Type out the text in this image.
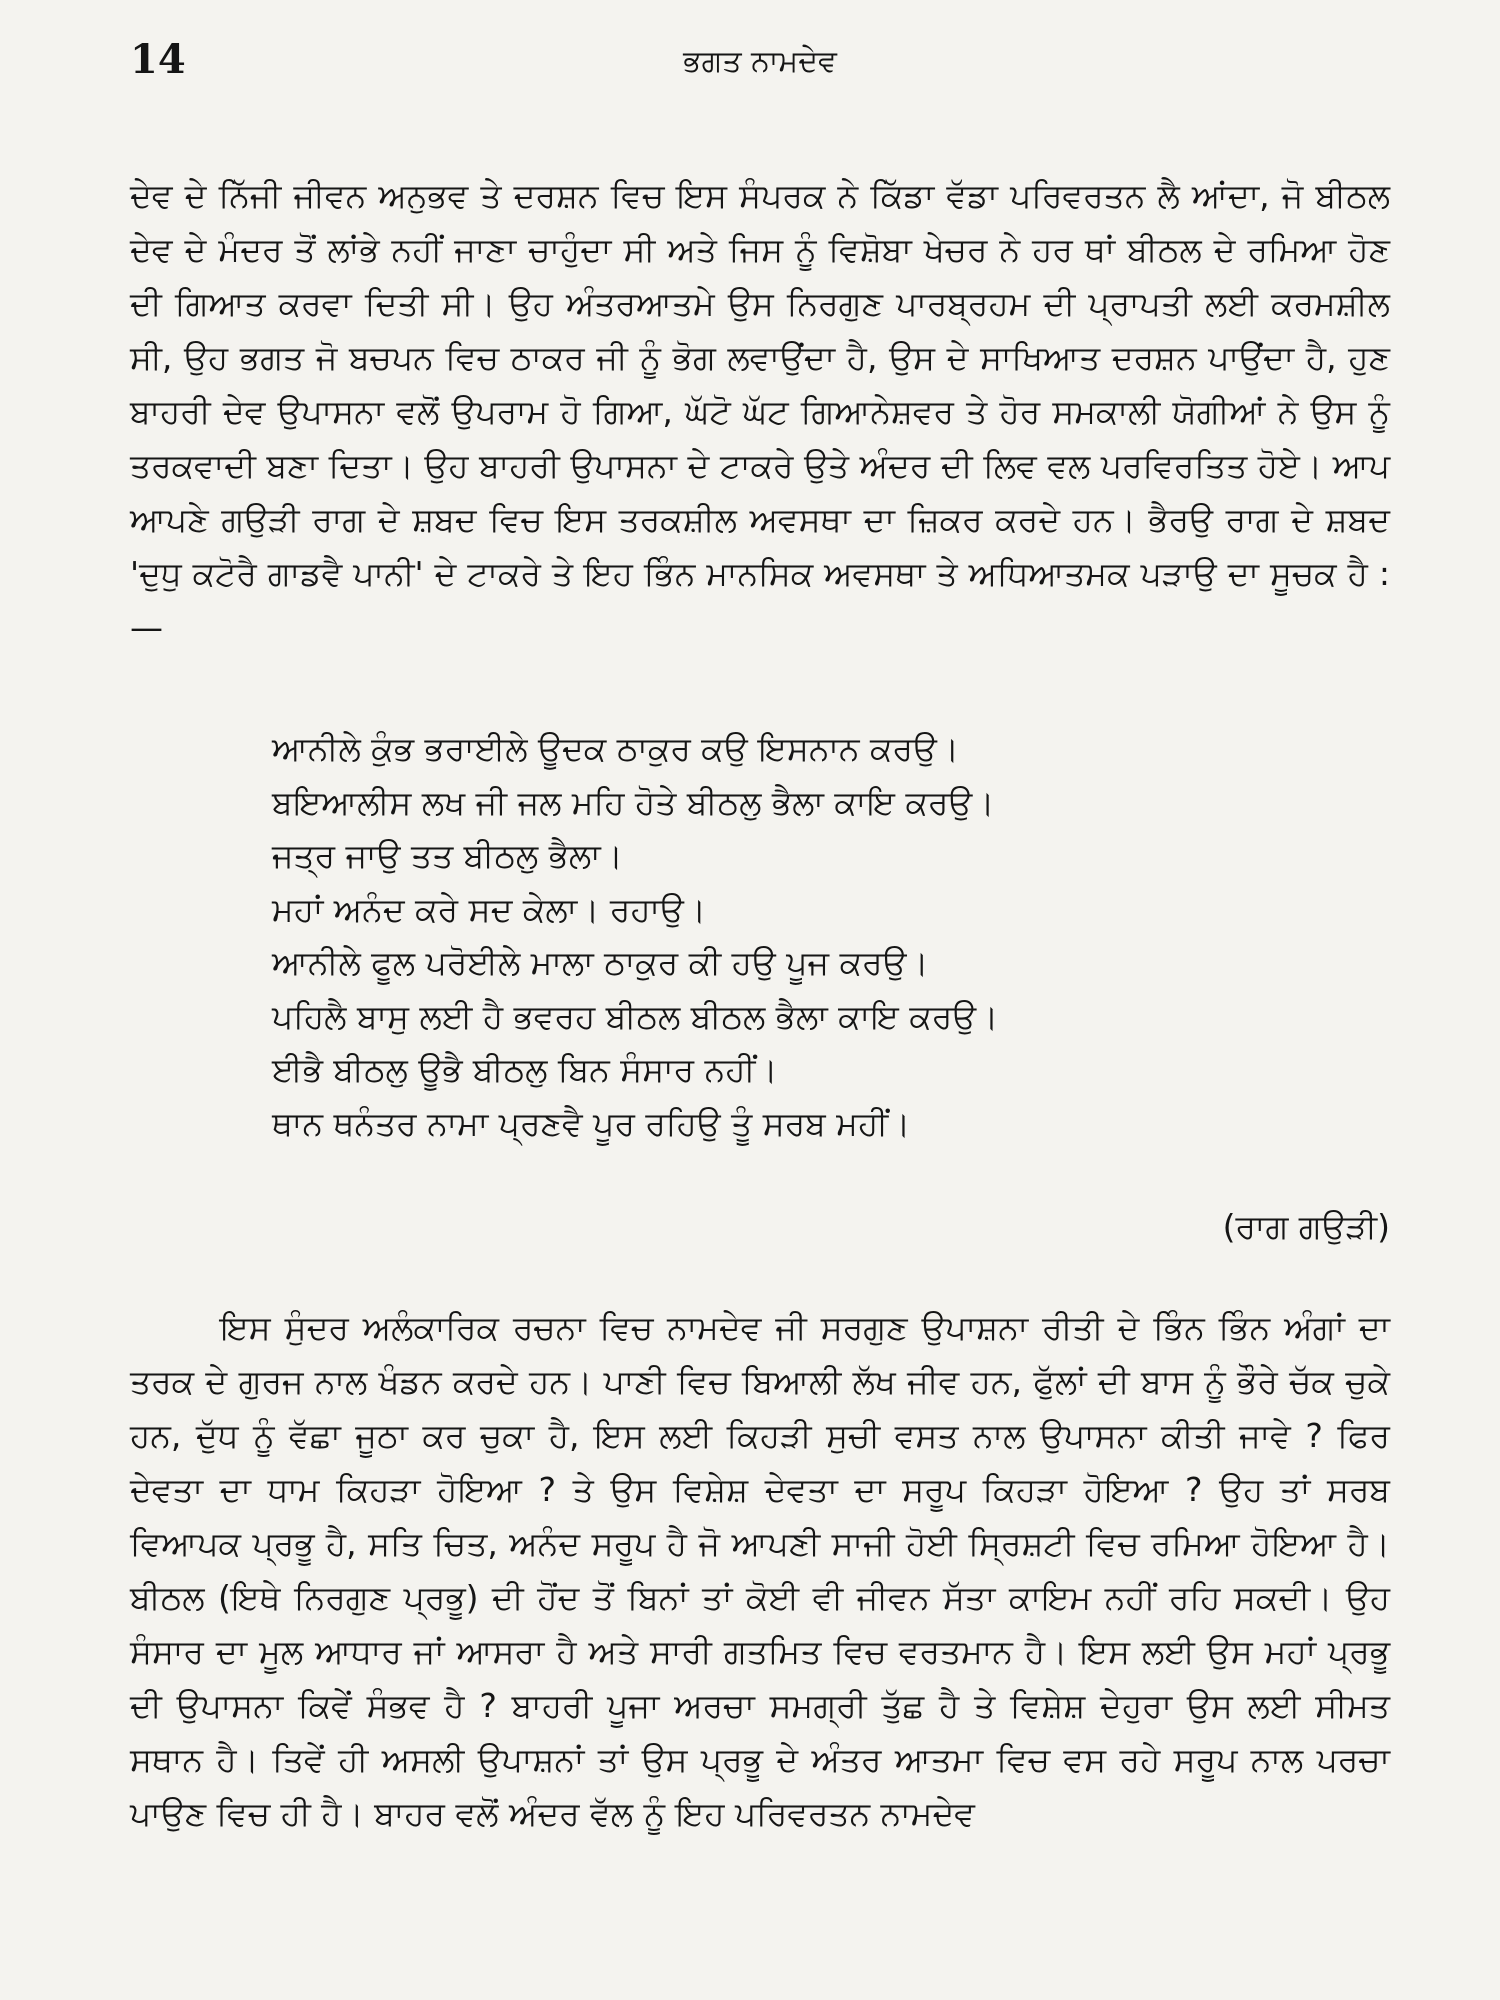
14	ਭਗਤ ਨਾਮਦੇਵ

ਦੇਵ ਦੇ ਨਿੱਜੀ ਜੀਵਨ ਅਨੁਭਵ ਤੇ ਦਰਸ਼ਨ ਵਿਚ ਇਸ ਸੰਪਰਕ ਨੇ ਕਿੱਡਾ ਵੱਡਾ ਪਰਿਵਰਤਨ ਲੈ ਆਂਦਾ, ਜੋ ਬੀਠਲ ਦੇਵ ਦੇ ਮੰਦਰ ਤੋਂ ਲਾਂਭੇ ਨਹੀਂ ਜਾਣਾ ਚਾਹੁੰਦਾ ਸੀ ਅਤੇ ਜਿਸ ਨੂੰ ਵਿਸ਼ੋਬਾ ਖੇਚਰ ਨੇ ਹਰ ਥਾਂ ਬੀਠਲ ਦੇ ਰਮਿਆ ਹੋਣ ਦੀ ਗਿਆਤ ਕਰਵਾ ਦਿਤੀ ਸੀ। ਉਹ ਅੰਤਰਆਤਮੇ ਉਸ ਨਿਰਗੁਣ ਪਾਰਬ੍ਰਹਮ ਦੀ ਪ੍ਰਾਪਤੀ ਲਈ ਕਰਮਸ਼ੀਲ ਸੀ, ਉਹ ਭਗਤ ਜੋ ਬਚਪਨ ਵਿਚ ਠਾਕਰ ਜੀ ਨੂੰ ਭੋਗ ਲਵਾਉਂਦਾ ਹੈ, ਉਸ ਦੇ ਸਾਖਿਆਤ ਦਰਸ਼ਨ ਪਾਉਂਦਾ ਹੈ, ਹੁਣ ਬਾਹਰੀ ਦੇਵ ਉਪਾਸਨਾ ਵਲੋਂ ਉਪਰਾਮ ਹੋ ਗਿਆ, ਘੱਟੋ ਘੱਟ ਗਿਆਨੇਸ਼ਵਰ ਤੇ ਹੋਰ ਸਮਕਾਲੀ ਯੋਗੀਆਂ ਨੇ ਉਸ ਨੂੰ ਤਰਕਵਾਦੀ ਬਣਾ ਦਿਤਾ। ਉਹ ਬਾਹਰੀ ਉਪਾਸਨਾ ਦੇ ਟਾਕਰੇ ਉਤੇ ਅੰਦਰ ਦੀ ਲਿਵ ਵਲ ਪਰਵਿਰਤਿਤ ਹੋਏ। ਆਪ ਆਪਣੇ ਗਉੜੀ ਰਾਗ ਦੇ ਸ਼ਬਦ ਵਿਚ ਇਸ ਤਰਕਸ਼ੀਲ ਅਵਸਥਾ ਦਾ ਜ਼ਿਕਰ ਕਰਦੇ ਹਨ। ਭੈਰਉ ਰਾਗ ਦੇ ਸ਼ਬਦ 'ਦੁਧੁ ਕਟੋਰੈ ਗਾਡਵੈ ਪਾਨੀ' ਦੇ ਟਾਕਰੇ ਤੇ ਇਹ ਭਿੰਨ ਮਾਨਸਿਕ ਅਵਸਥਾ ਤੇ ਅਧਿਆਤਮਕ ਪੜਾਉ ਦਾ ਸੂਚਕ ਹੈ :—

ਆਨੀਲੇ ਕੁੰਭ ਭਰਾਈਲੇ ਊਦਕ ਠਾਕੁਰ ਕਉ ਇਸਨਾਨ ਕਰਉ।
ਬਇਆਲੀਸ ਲਖ ਜੀ ਜਲ ਮਹਿ ਹੋਤੇ ਬੀਠਲੁ ਭੈਲਾ ਕਾਇ ਕਰਉ।
ਜਤ੍ਰ ਜਾਉ ਤਤ ਬੀਠਲੁ ਭੈਲਾ।
ਮਹਾਂ ਅਨੰਦ ਕਰੇ ਸਦ ਕੇਲਾ। ਰਹਾਉ।
ਆਨੀਲੇ ਫੂਲ ਪਰੋਈਲੇ ਮਾਲਾ ਠਾਕੁਰ ਕੀ ਹਉ ਪੂਜ ਕਰਉ।
ਪਹਿਲੈ ਬਾਸੁ ਲਈ ਹੈ ਭਵਰਹ ਬੀਠਲ ਬੀਠਲ ਭੈਲਾ ਕਾਇ ਕਰਉ।
ਈਭੈ ਬੀਠਲੁ ਊਭੈ ਬੀਠਲੁ ਬਿਨ ਸੰਸਾਰ ਨਹੀਂ।
ਥਾਨ ਥਨੰਤਰ ਨਾਮਾ ਪ੍ਰਣਵੈ ਪੂਰ ਰਹਿਉ ਤੂੰ ਸਰਬ ਮਹੀਂ।
(ਰਾਗ ਗਉੜੀ)

ਇਸ ਸੁੰਦਰ ਅਲੰਕਾਰਿਕ ਰਚਨਾ ਵਿਚ ਨਾਮਦੇਵ ਜੀ ਸਰਗੁਣ ਉਪਾਸ਼ਨਾ ਰੀਤੀ ਦੇ ਭਿੰਨ ਭਿੰਨ ਅੰਗਾਂ ਦਾ ਤਰਕ ਦੇ ਗੁਰਜ ਨਾਲ ਖੰਡਨ ਕਰਦੇ ਹਨ। ਪਾਣੀ ਵਿਚ ਬਿਆਲੀ ਲੱਖ ਜੀਵ ਹਨ, ਫੁੱਲਾਂ ਦੀ ਬਾਸ ਨੂੰ ਭੌਰੇ ਚੱਕ ਚੁਕੇ ਹਨ, ਦੁੱਧ ਨੂੰ ਵੱਛਾ ਜੂਠਾ ਕਰ ਚੁਕਾ ਹੈ, ਇਸ ਲਈ ਕਿਹੜੀ ਸੁਚੀ ਵਸਤ ਨਾਲ ਉਪਾਸਨਾ ਕੀਤੀ ਜਾਵੇ ? ਫਿਰ ਦੇਵਤਾ ਦਾ ਧਾਮ ਕਿਹੜਾ ਹੋਇਆ ? ਤੇ ਉਸ ਵਿਸ਼ੇਸ਼ ਦੇਵਤਾ ਦਾ ਸਰੂਪ ਕਿਹੜਾ ਹੋਇਆ ? ਉਹ ਤਾਂ ਸਰਬ ਵਿਆਪਕ ਪ੍ਰਭੂ ਹੈ, ਸਤਿ ਚਿਤ, ਅਨੰਦ ਸਰੂਪ ਹੈ ਜੋ ਆਪਣੀ ਸਾਜੀ ਹੋਈ ਸ੍ਰਿਸ਼ਟੀ ਵਿਚ ਰਮਿਆ ਹੋਇਆ ਹੈ। ਬੀਠਲ (ਇਥੇ ਨਿਰਗੁਣ ਪ੍ਰਭੂ) ਦੀ ਹੋਂਦ ਤੋਂ ਬਿਨਾਂ ਤਾਂ ਕੋਈ ਵੀ ਜੀਵਨ ਸੱਤਾ ਕਾਇਮ ਨਹੀਂ ਰਹਿ ਸਕਦੀ। ਉਹ ਸੰਸਾਰ ਦਾ ਮੂਲ ਆਧਾਰ ਜਾਂ ਆਸਰਾ ਹੈ ਅਤੇ ਸਾਰੀ ਗਤਮਿਤ ਵਿਚ ਵਰਤਮਾਨ ਹੈ। ਇਸ ਲਈ ਉਸ ਮਹਾਂ ਪ੍ਰਭੂ ਦੀ ਉਪਾਸਨਾ ਕਿਵੇਂ ਸੰਭਵ ਹੈ ? ਬਾਹਰੀ ਪੂਜਾ ਅਰਚਾ ਸਮਗ੍ਰੀ ਤੁੱਛ ਹੈ ਤੇ ਵਿਸ਼ੇਸ਼ ਦੇਹੁਰਾ ਉਸ ਲਈ ਸੀਮਤ ਸਥਾਨ ਹੈ। ਤਿਵੇਂ ਹੀ ਅਸਲੀ ਉਪਾਸ਼ਨਾਂ ਤਾਂ ਉਸ ਪ੍ਰਭੂ ਦੇ ਅੰਤਰ ਆਤਮਾ ਵਿਚ ਵਸ ਰਹੇ ਸਰੂਪ ਨਾਲ ਪਰਚਾ ਪਾਉਣ ਵਿਚ ਹੀ ਹੈ। ਬਾਹਰ ਵਲੋਂ ਅੰਦਰ ਵੱਲ ਨੂੰ ਇਹ ਪਰਿਵਰਤਨ ਨਾਮਦੇਵ
